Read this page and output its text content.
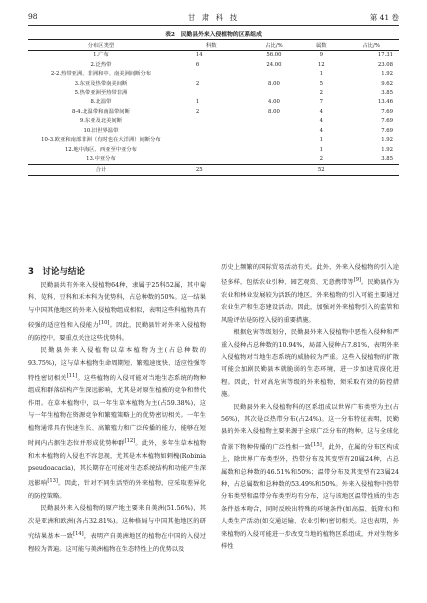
98	甘 肃 科 技	第 41 卷
表2　民勤县外来入侵植物的区系组成
分布区类型	科数	占比/%	属数	占比/%
1.广布	14	56.00	9	17.31
2.泛热带	6	24.00	12	23.08
2-2.热带亚洲、非洲和中、南美洲间断分布			1	1.92
3.东亚及热带南美间断	2	8.00	5	9.62
5.热带亚洲至热带非洲			2	3.85
8.北温带	1	4.00	7	13.46
8-4.北温带和南温带间断	2	8.00	4	7.69
9.东亚及北美间断			4	7.69
10.旧世界温带			4	7.69
10-3.欧亚和南部非洲（有时也在大洋洲）间断分布			1	1.92
12.地中海区、西亚至中亚分布			1	1.92
13.中亚分布			2	3.85
合计	25		52	
3　讨论与结论

民勤县共有外来入侵植物64种，隶属于25科52属，其中菊科、苋科、豆科和禾本科为优势科，占总种数的50%。这一结果与中国其他地区的外来入侵植物组成相似，表明这些科植物具有较强的适应性和入侵能力[10]。因此，民勤县针对外来入侵植物的防控中，要重点关注这些优势科。

民勤县外来入侵植物以草本植物为主(占总种数的93.75%)，这与草本植物生命周期短、繁殖速度快、适应性强等特性密切相关[11]。这些植物的入侵可能对当地生态系统的物种组成和群落结构产生深远影响，尤其是对原生植被的竞争和替代作用。在草本植物中，以一年生草本植物为主(占59.38%)，这与一年生植物在资源竞争和繁殖策略上的优势密切相关。一年生植物通常具有快速生长、高繁殖力和广泛传播的能力，能够在短时间内占据生态位并形成优势种群[12]。此外，多年生草本植物和木本植物的入侵也不容忽视，尤其是木本植物如刺槐(Robinia pseudoacacia)，其长期存在可能对生态系统结构和功能产生深远影响[13]。因此，针对不同生活型的外来植物，应采取差异化的防控策略。

民勤县外来入侵植物的原产地主要来自美洲(51.56%)，其次是亚洲和欧洲(各占32.81%)。这种格局与中国其他地区的研究结果基本一致[14]，表明产自美洲地区的植物在中国的入侵过程较为普遍。这可能与美洲植物在生态特性上的优势以及

历史上频繁的国际贸易活动有关。此外，外来入侵植物的引入途径多样，包括农业引种、园艺观赏、无意携带等[9]。民勤县作为农业和林业发展较为活跃的地区，外来植物的引入可能主要通过农业生产和生态建设活动。因此，加强对外来植物引入的监管和风险评估是防控入侵的重要措施。

根据危害等级划分，民勤县外来入侵植物中恶性入侵种和严重入侵种占总种数的10.94%，局部入侵种占7.81%，表明外来入侵植物对当地生态系统的威胁较为严重。这些入侵植物的扩散可能会加剧民勤县本就脆弱的生态环境，进一步加速荒漠化进程。因此，针对高危害等级的外来植物，须采取有效的防控措施。

民勤县外来入侵植物科的区系组成以世界广布类型为主(占56%)，其次是泛热带分布(占24%)。这一分布特征表明，民勤县的外来入侵植物主要来源于全球广泛分布的物种，这与全球化背景下物种传播的广泛性相一致[15]。此外，在属的分布区构成上，除世界广布类型外，热带分布及其变型有20属24种，占总属数和总种数的46.51%和50%；温带分布及其变型有23属24种，占总属数和总种数的53.49%和50%。外来入侵植物中热带分布类型和温带分布类型均有分布，这与该地区温带性质的生态条件基本吻合，同时反映出特殊的环境条件(如高温、低降水)和人类生产活动(如交通运输、农业引种)密切相关。这也表明，外来植物的入侵可能进一步改变当地的植物区系组成，并对生物多样性
